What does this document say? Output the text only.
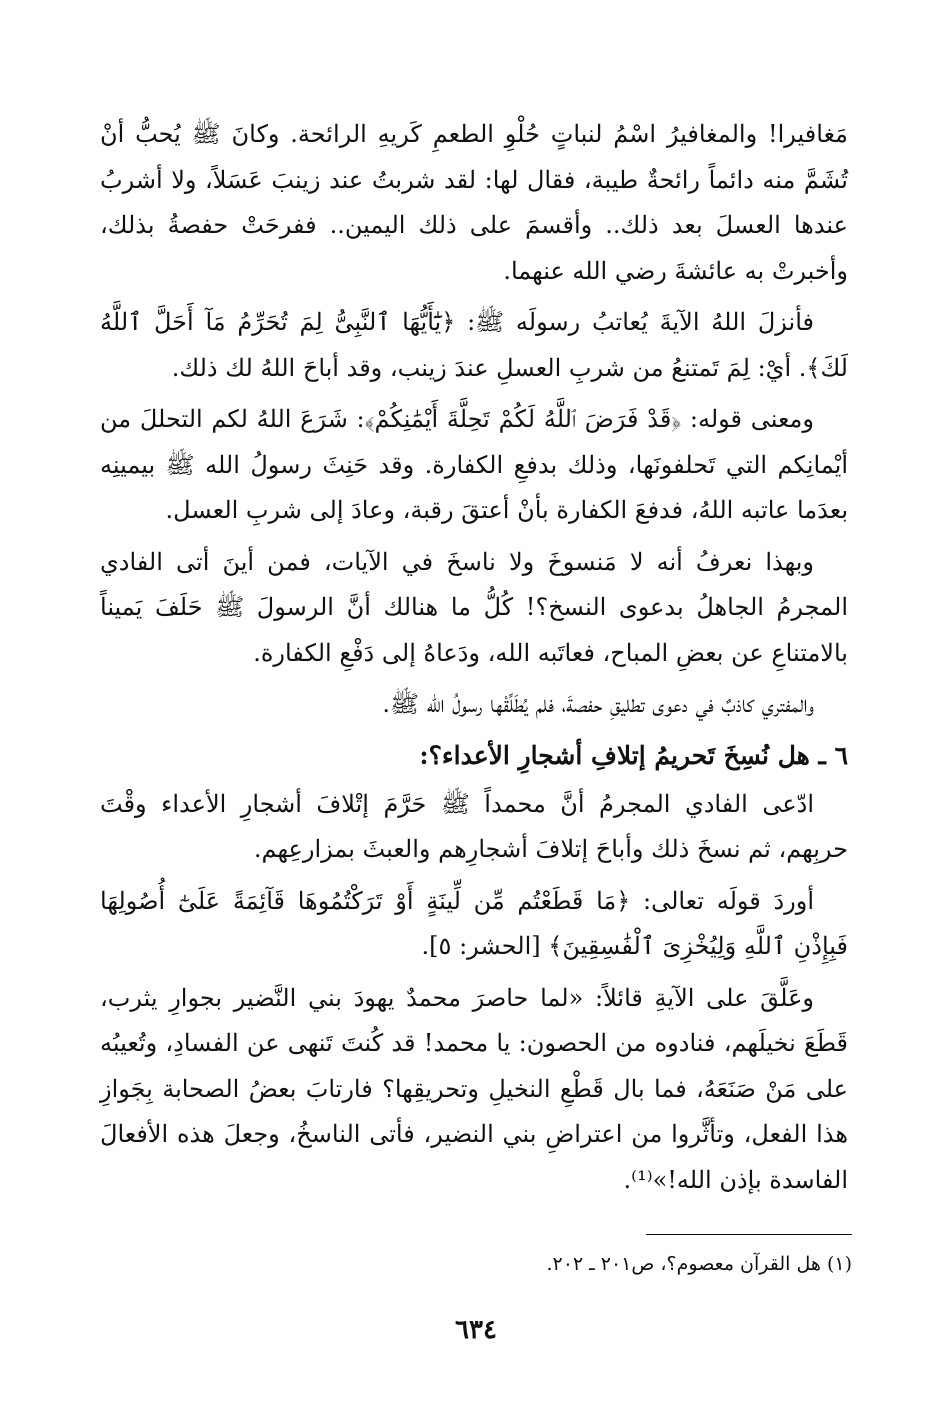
مَغافيرا! والمغافيرُ اسْمُ لنباتٍ حُلْوِ الطعمِ كَريهِ الرائحة. وكانَ ﷺ يُحبُّ أنْ تُشَمَّ منه دائماً رائحةٌ طيبة، فقال لها: لقد شربتُ عند زينبَ عَسَلاً، ولا أشربُ عندها العسلَ بعد ذلك.. وأقسمَ على ذلك اليمين.. ففرحَتْ حفصةُ بذلك، وأخبرتْ به عائشةَ رضي الله عنهما.

فأنزلَ اللهُ الآيةَ يُعاتبُ رسولَه ﷺ: ﴿يَٰٓأَيُّهَا ٱلنَّبِىُّ لِمَ تُحَرِّمُ مَآ أَحَلَّ ٱللَّهُ لَكَ﴾. أيْ: لِمَ تَمتنعُ من شربِ العسلِ عندَ زينب، وقد أباحَ اللهُ لك ذلك.

ومعنى قوله: ﴿قَدْ فَرَضَ ٱللَّهُ لَكُمْ تَحِلَّةَ أَيْمَٰنِكُمْ﴾: شَرَعَ اللهُ لكم التحللَ من أيْمانِكم التي تَحلفونَها، وذلك بدفعِ الكفارة. وقد حَنِثَ رسولُ الله ﷺ بيمينِه بعدَما عاتبه اللهُ، فدفعَ الكفارة بأنْ أعتقَ رقبة، وعادَ إلى شربِ العسل.

وبهذا نعرفُ أنه لا مَنسوخَ ولا ناسخَ في الآيات، فمن أينَ أتى الفادي المجرمُ الجاهلُ بدعوى النسخ؟! كُلُّ ما هنالك أنَّ الرسولَ ﷺ حَلَفَ يَميناً بالامتناعِ عن بعضِ المباح، فعاتَبه الله، ودَعاهُ إلى دَفْعِ الكفارة.

والمفتري كاذبٌ في دعوى تطليقِ حفصةَ، فلم يُطَلِّقْها رسولُ الله ﷺ.

٦ ـ هل نُسِخَ تَحريمُ إتلافِ أشجارِ الأعداء؟:

ادّعى الفادي المجرمُ أنَّ محمداً ﷺ حَرَّمَ إتْلافَ أشجارِ الأعداء وقْتَ حربِهم، ثم نسخَ ذلك وأباحَ إتلافَ أشجارِهم والعبثَ بمزارعِهم.

أوردَ قولَه تعالى: ﴿مَا قَطَعْتُم مِّن لِّينَةٍ أَوْ تَرَكْتُمُوهَا قَآئِمَةً عَلَىٰٓ أُصُولِهَا فَبِإِذْنِ ٱللَّهِ وَلِيُخْزِىَ ٱلْفَٰسِقِينَ﴾ [الحشر: ٥].

وعَلَّقَ على الآيةِ قائلاً: «لما حاصرَ محمدٌ يهودَ بني النَّضير بجوارِ يثرب، قَطَعَ نخيلَهم، فنادوه من الحصون: يا محمد! قد كُنتَ تَنهى عن الفسادِ، وتُعيبُه على مَنْ صَنَعَهُ، فما بال قَطْعِ النخيلِ وتحريقِها؟ فارتابَ بعضُ الصحابة بِجَوازِ هذا الفعل، وتأثَّروا من اعتراضِ بني النضير، فأتى الناسخُ، وجعلَ هذه الأفعالَ الفاسدة بإذن الله!»⁽¹⁾.

(١) هل القرآن معصوم؟، ص٢٠١ ـ ٢٠٢.
٦٣٤
